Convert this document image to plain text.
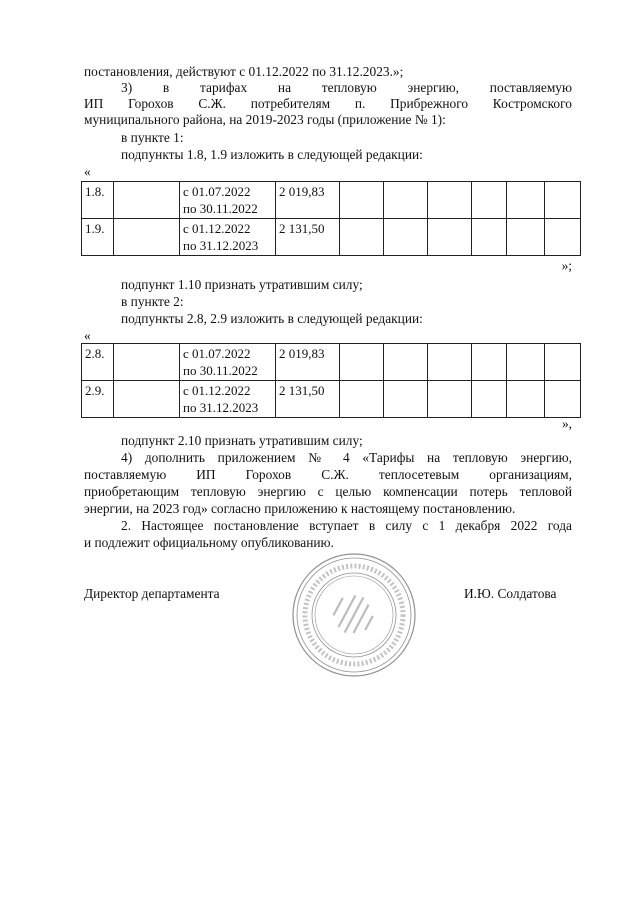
постановления, действуют с 01.12.2022 по 31.12.2023.»;
3) в тарифах на тепловую энергию, поставляемую
ИП Горохов С.Ж. потребителям п. Прибрежного Костромского
муниципального района, на 2019-2023 годы (приложение № 1):
в пункте 1:
подпункты 1.8, 1.9 изложить в следующей редакции:
«
1.8.		с 01.07.2022
по 30.11.2022	2 019,83						
1.9.		с 01.12.2022
по 31.12.2023	2 131,50						
»;
подпункт 1.10 признать утратившим силу;
в пункте 2:
подпункты 2.8, 2.9 изложить в следующей редакции:
«
2.8.		с 01.07.2022
по 30.11.2022	2 019,83						
2.9.		с 01.12.2022
по 31.12.2023	2 131,50						
»,
подпункт 2.10 признать утратившим силу;
4) дополнить приложением № 4 «Тарифы на тепловую энергию,
поставляемую ИП Горохов С.Ж. теплосетевым организациям,
приобретающим тепловую энергию с целью компенсации потерь тепловой
энергии, на 2023 год» согласно приложению к настоящему постановлению.
2. Настоящее постановление вступает в силу с 1 декабря 2022 года
и подлежит официальному опубликованию.
Директор департамента	И.Ю. Солдатова
